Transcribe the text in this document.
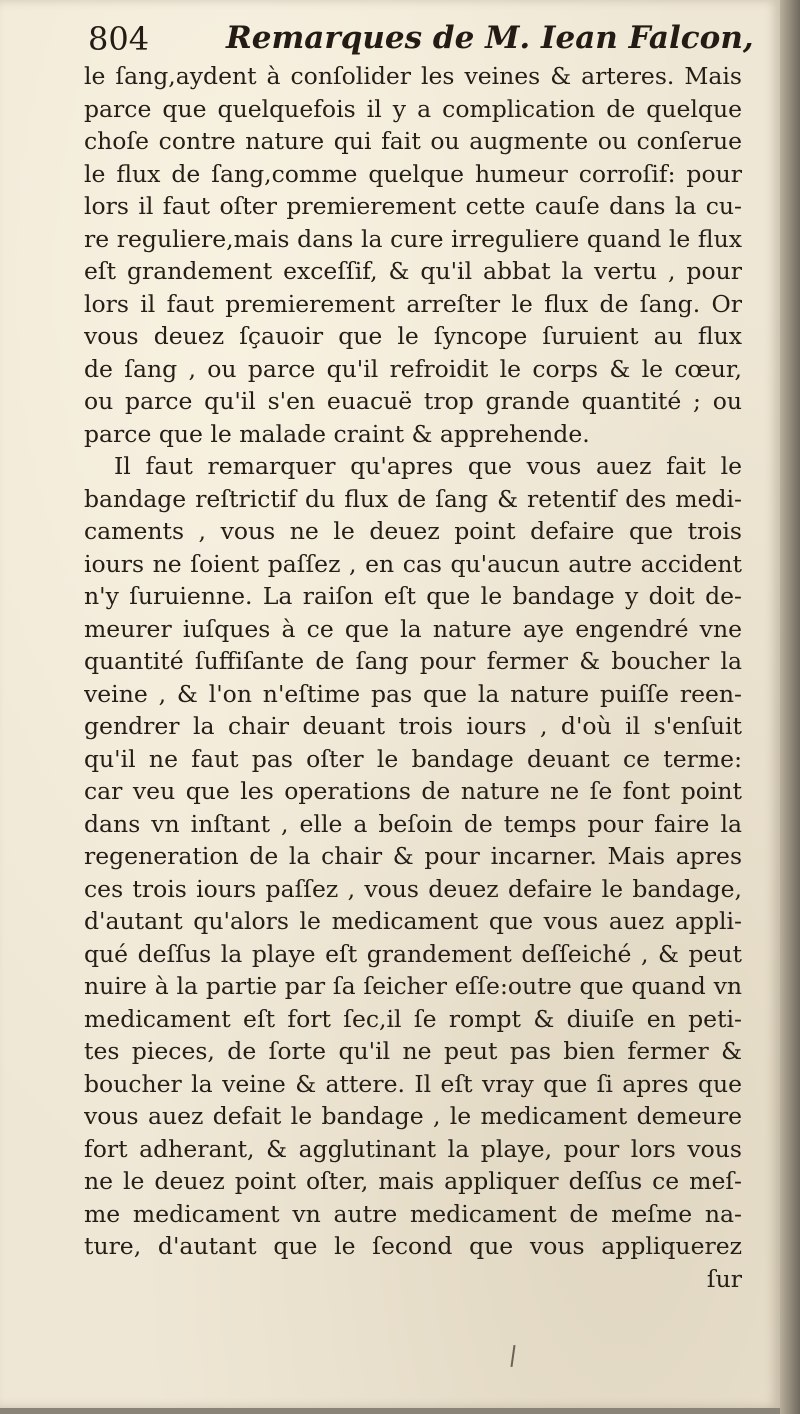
804 Remarques de M. Iean Falcon,
le ſang,aydent à conſolider les veines & arteres. Mais
parce que quelquefois il y a complication de quelque
choſe contre nature qui fait ou augmente ou conſerue
le flux de ſang,comme quelque humeur corroſif: pour
lors il faut oſter premierement cette cauſe dans la cu-
re reguliere,mais dans la cure irreguliere quand le flux
eſt grandement exceſſif, & qu'il abbat la vertu , pour
lors il faut premierement arreſter le flux de ſang. Or
vous deuez ſçauoir que le ſyncope ſuruient au flux
de ſang , ou parce qu'il refroidit le corps & le cœur,
ou parce qu'il s'en euacuë trop grande quantité ; ou
parce que le malade craint & apprehende.
Il faut remarquer qu'apres que vous auez fait le
bandage reſtrictif du flux de ſang & retentif des medi-
caments , vous ne le deuez point defaire que trois
iours ne ſoient paſſez , en cas qu'aucun autre accident
n'y ſuruienne. La raiſon eſt que le bandage y doit de-
meurer iuſques à ce que la nature aye engendré vne
quantité ſuffiſante de ſang pour fermer & boucher la
veine , & l'on n'eſtime pas que la nature puiſſe reen-
gendrer la chair deuant trois iours , d'où il s'enſuit
qu'il ne faut pas oſter le bandage deuant ce terme:
car veu que les operations de nature ne ſe font point
dans vn inſtant , elle a beſoin de temps pour faire la
regeneration de la chair & pour incarner. Mais apres
ces trois iours paſſez , vous deuez defaire le bandage,
d'autant qu'alors le medicament que vous auez appli-
qué deſſus la playe eſt grandement deſſeiché , & peut
nuire à la partie par ſa ſeicher eſſe:outre que quand vn
medicament eſt fort ſec,il ſe rompt & diuiſe en peti-
tes pieces, de ſorte qu'il ne peut pas bien fermer &
boucher la veine & attere. Il eſt vray que ſi apres que
vous auez defait le bandage , le medicament demeure
fort adherant, & agglutinant la playe, pour lors vous
ne le deuez point oſter, mais appliquer deſſus ce meſ-
me medicament vn autre medicament de meſme na-
ture, d'autant que le ſecond que vous appliquerez
ſur
